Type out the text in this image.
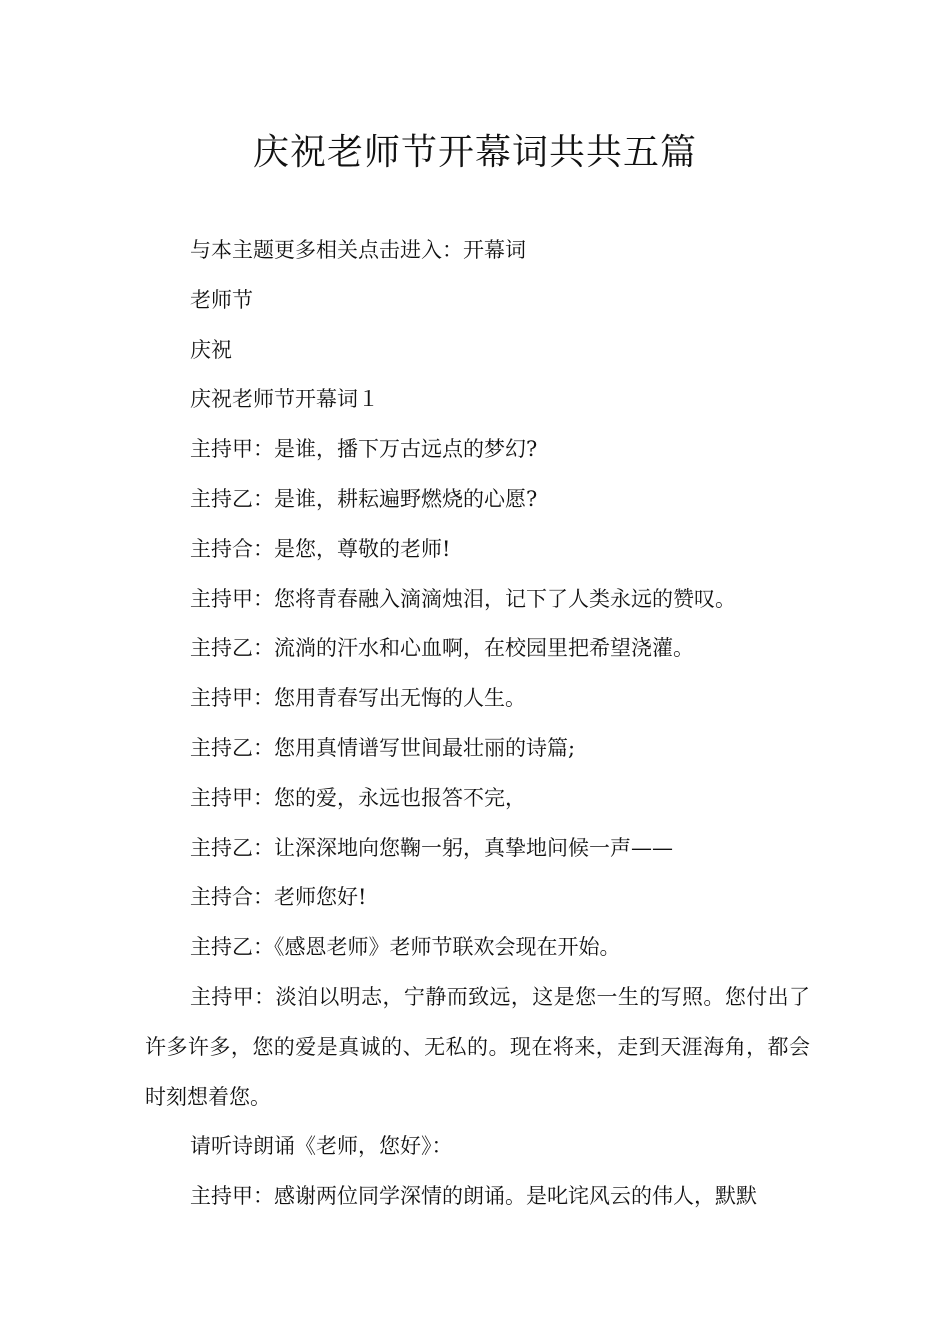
庆祝老师节开幕词共共五篇

与本主题更多相关点击进入：开幕词

老师节

庆祝

庆祝老师节开幕词１

主持甲：是谁，播下万古远点的梦幻?

主持乙：是谁，耕耘遍野燃烧的心愿?

主持合：是您，尊敬的老师!

主持甲：您将青春融入滴滴烛泪，记下了人类永远的赞叹。

主持乙：流淌的汗水和心血啊，在校园里把希望浇灌。

主持甲：您用青春写出无悔的人生。

主持乙：您用真情谱写世间最壮丽的诗篇;

主持甲：您的爱，永远也报答不完，

主持乙：让深深地向您鞠一躬，真挚地问候一声——

主持合：老师您好!

主持乙：《感恩老师》老师节联欢会现在开始。

主持甲：淡泊以明志，宁静而致远，这是您一生的写照。您付出了许多许多，您的爱是真诚的、无私的。现在将来，走到天涯海角，都会时刻想着您。

请听诗朗诵《老师，您好》：

主持甲：感谢两位同学深情的朗诵。是叱诧风云的伟人，默默
